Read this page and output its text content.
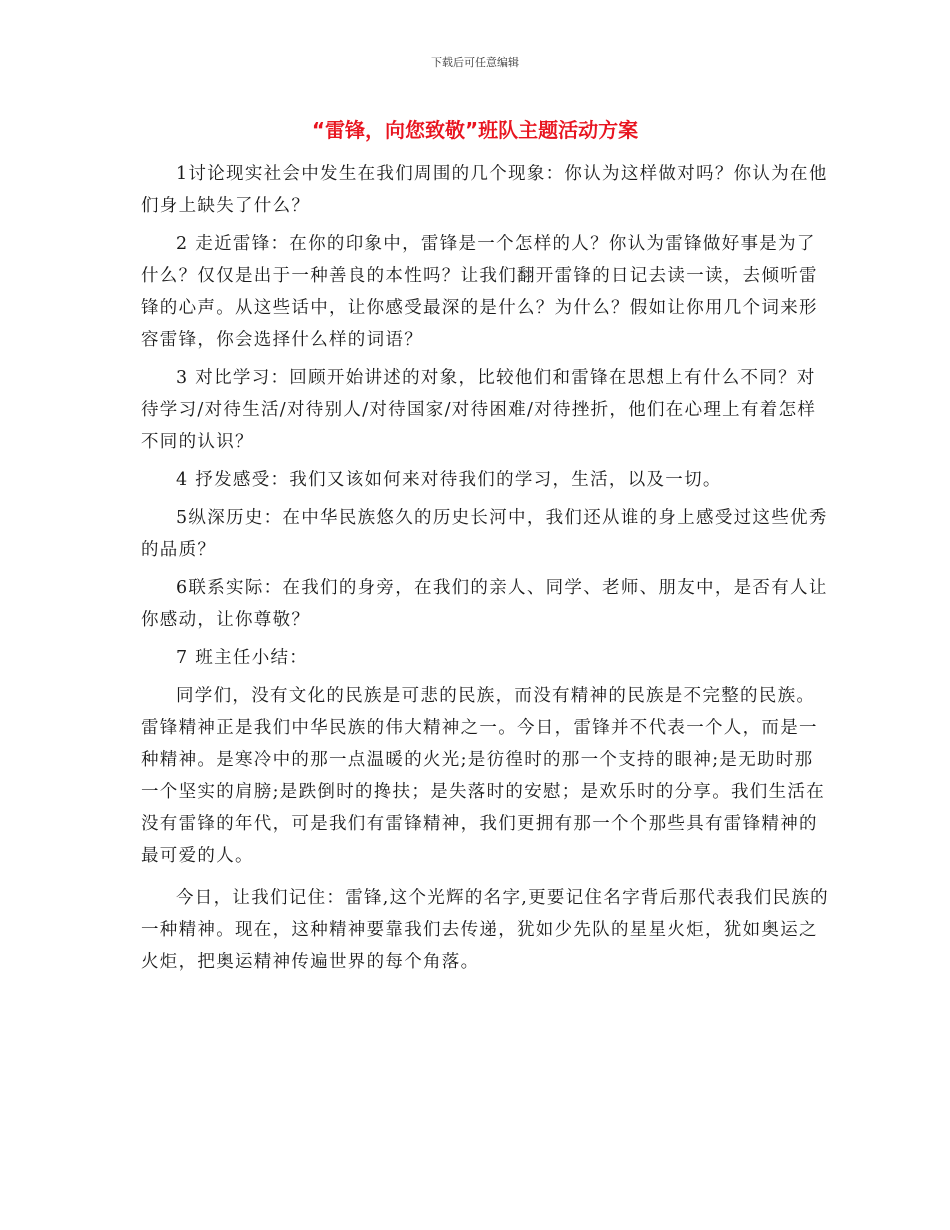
下载后可任意编辑
“雷锋，向您致敬”班队主题活动方案

1讨论现实社会中发生在我们周围的几个现象：你认为这样做对吗？你认为在他们身上缺失了什么？

2 走近雷锋：在你的印象中，雷锋是一个怎样的人？你认为雷锋做好事是为了什么？仅仅是出于一种善良的本性吗？让我们翻开雷锋的日记去读一读，去倾听雷锋的心声。从这些话中，让你感受最深的是什么？为什么？假如让你用几个词来形容雷锋，你会选择什么样的词语？

3 对比学习：回顾开始讲述的对象，比较他们和雷锋在思想上有什么不同？对待学习/对待生活/对待别人/对待国家/对待困难/对待挫折，他们在心理上有着怎样不同的认识？

4 抒发感受：我们又该如何来对待我们的学习，生活，以及一切。

5纵深历史：在中华民族悠久的历史长河中，我们还从谁的身上感受过这些优秀的品质？

6联系实际：在我们的身旁，在我们的亲人、同学、老师、朋友中，是否有人让你感动，让你尊敬？

7 班主任小结：

同学们，没有文化的民族是可悲的民族，而没有精神的民族是不完整的民族。雷锋精神正是我们中华民族的伟大精神之一。今日，雷锋并不代表一个人，而是一种精神。是寒冷中的那一点温暖的火光;是彷徨时的那一个支持的眼神;是无助时那一个坚实的肩膀;是跌倒时的搀扶；是失落时的安慰；是欢乐时的分享。我们生活在没有雷锋的年代，可是我们有雷锋精神，我们更拥有那一个个那些具有雷锋精神的最可爱的人。

今日，让我们记住：雷锋,这个光辉的名字,更要记住名字背后那代表我们民族的一种精神。现在，这种精神要靠我们去传递，犹如少先队的星星火炬，犹如奥运之火炬，把奥运精神传遍世界的每个角落。
